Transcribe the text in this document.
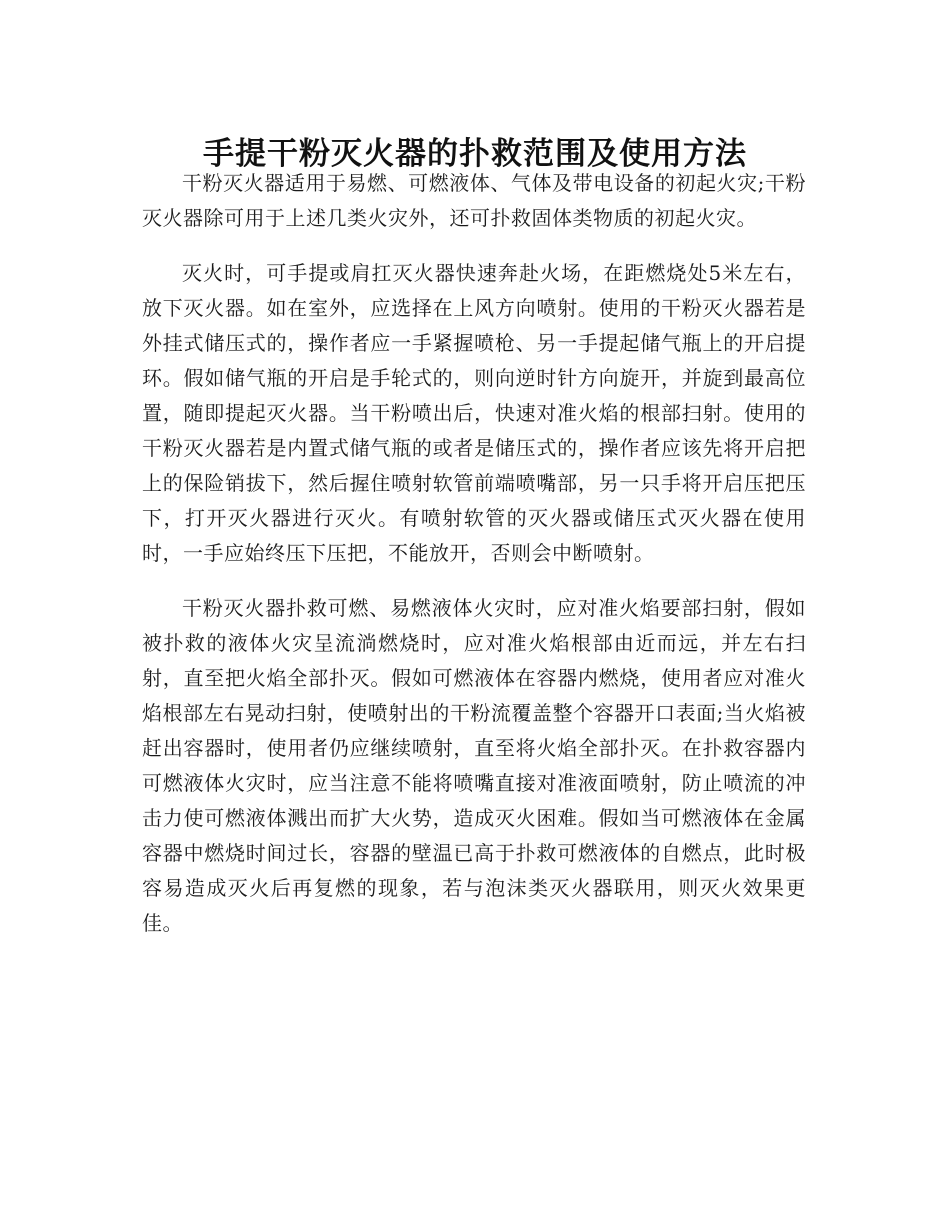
手提干粉灭火器的扑救范围及使用方法

干粉灭火器适用于易燃、可燃液体、气体及带电设备的初起火灾;干粉灭火器除可用于上述几类火灾外，还可扑救固体类物质的初起火灾。

灭火时，可手提或肩扛灭火器快速奔赴火场，在距燃烧处5米左右，放下灭火器。如在室外，应选择在上风方向喷射。使用的干粉灭火器若是外挂式储压式的，操作者应一手紧握喷枪、另一手提起储气瓶上的开启提环。假如储气瓶的开启是手轮式的，则向逆时针方向旋开，并旋到最高位置，随即提起灭火器。当干粉喷出后，快速对准火焰的根部扫射。使用的干粉灭火器若是内置式储气瓶的或者是储压式的，操作者应该先将开启把上的保险销拔下，然后握住喷射软管前端喷嘴部，另一只手将开启压把压下，打开灭火器进行灭火。有喷射软管的灭火器或储压式灭火器在使用时，一手应始终压下压把，不能放开，否则会中断喷射。

干粉灭火器扑救可燃、易燃液体火灾时，应对准火焰要部扫射，假如被扑救的液体火灾呈流淌燃烧时，应对准火焰根部由近而远，并左右扫射，直至把火焰全部扑灭。假如可燃液体在容器内燃烧，使用者应对准火焰根部左右晃动扫射，使喷射出的干粉流覆盖整个容器开口表面;当火焰被赶出容器时，使用者仍应继续喷射，直至将火焰全部扑灭。在扑救容器内可燃液体火灾时，应当注意不能将喷嘴直接对准液面喷射，防止喷流的冲击力使可燃液体溅出而扩大火势，造成灭火困难。假如当可燃液体在金属容器中燃烧时间过长，容器的壁温已高于扑救可燃液体的自燃点，此时极容易造成灭火后再复燃的现象，若与泡沫类灭火器联用，则灭火效果更佳。
